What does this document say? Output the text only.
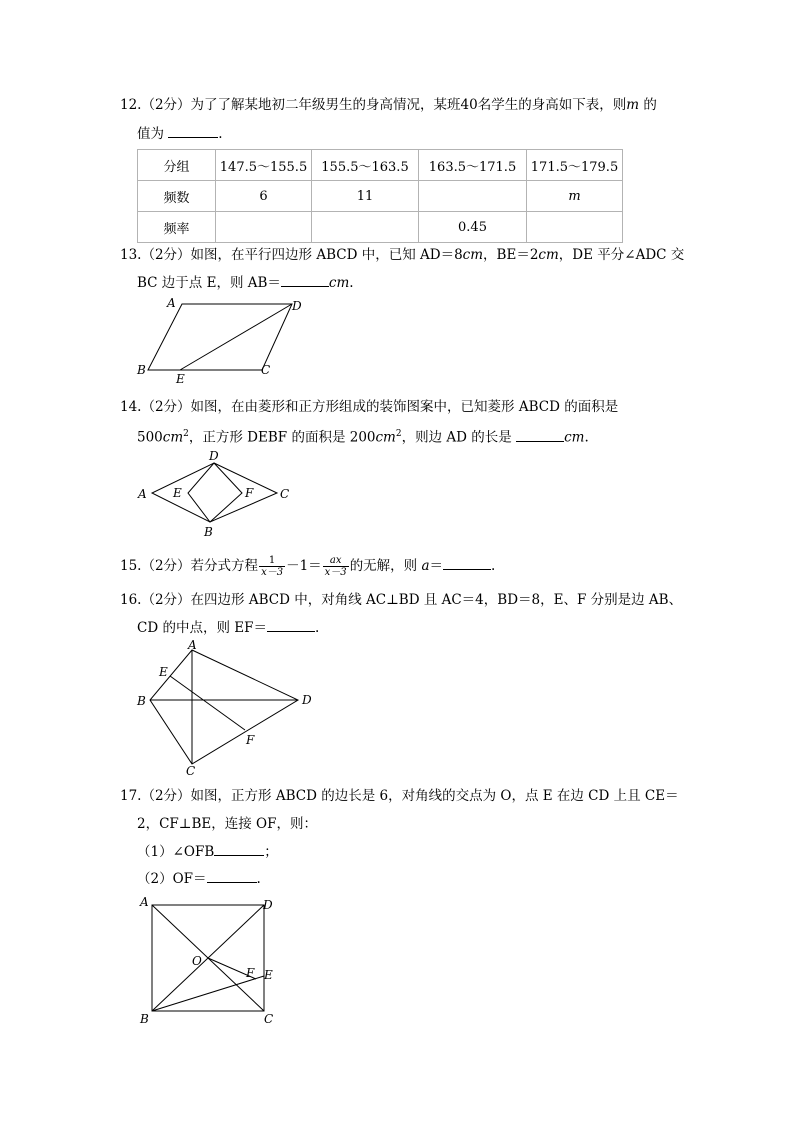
12.（2分）为了了解某地初二年级男生的身高情况，某班40名学生的身高如下表，则m 的
值为	.
分组	147.5～155.5	155.5～163.5	163.5～171.5	171.5～179.5
频数	6	11		m
频率			0.45	
13.（2分）如图，在平行四边形 ABCD 中，已知 AD＝8cm，BE＝2cm，DE 平分∠ADC 交
BC 边于点 E，则 AB＝	cm.
A	D
B
E
C
14.（2分）如图，在由菱形和正方形组成的装饰图案中，已知菱形 ABCD 的面积是
$500cm^2$，正方形 DEBF 的面积是 $200cm^2$，则边 AD 的长是	cm.
D
A E	F C
B
15.（2分）若分式方程 $\frac{1}{x-3} -1= \frac{ax}{x-3}$ 的无解，则 a＝	.
16.（2分）在四边形 ABCD 中，对角线 AC⊥BD 且 AC＝4，BD＝8，E、F 分别是边 AB、
CD 的中点，则 EF＝	.
A
E
B	D
F
C
17.（2分）如图，正方形 ABCD 的边长是 6，对角线的交点为 O，点 E 在边 CD 上且 CE＝
2，CF⊥BE，连接 OF，则：
（1）∠OFB	；
（2）OF＝	.
A	D
O
F E
B	C
